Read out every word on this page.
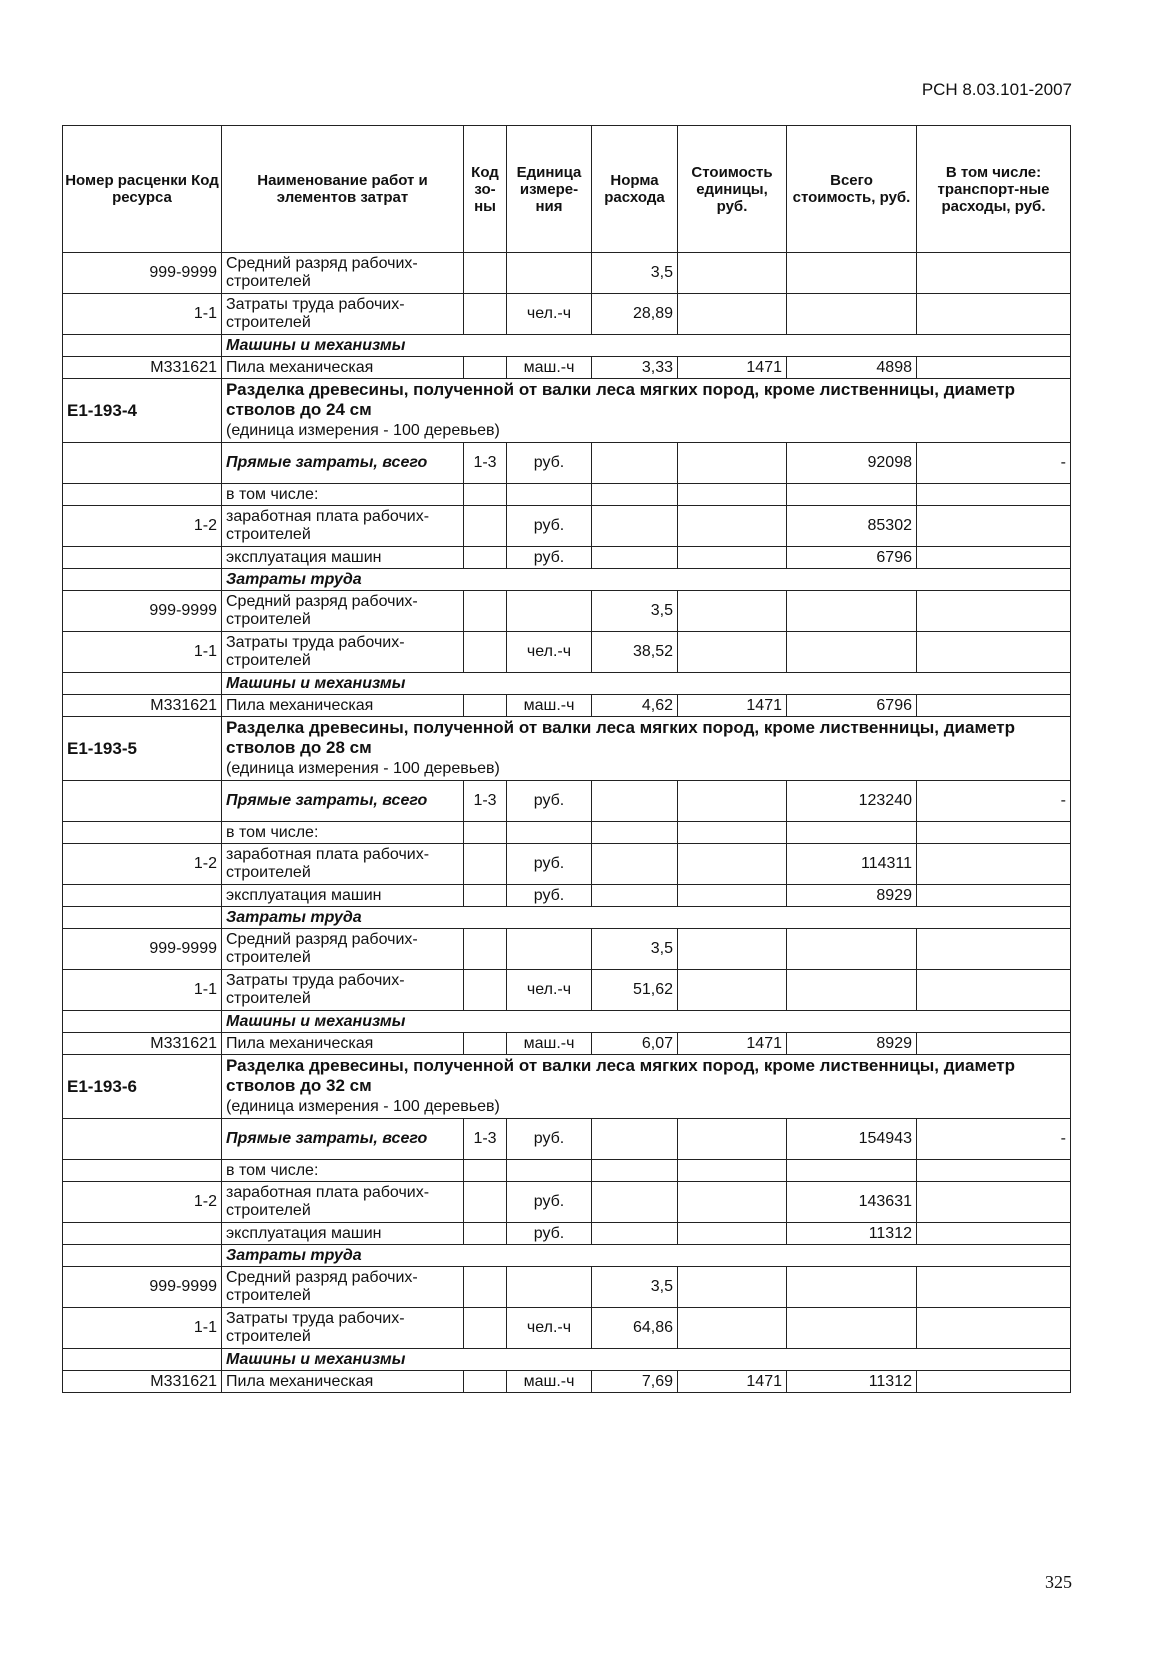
РСН 8.03.101-2007
Номер расценки Код ресурса	Наименование работ и элементов затрат	Код зо-ны	Единица измере-ния	Норма расхода	Стоимость единицы, руб.	Всего стоимость, руб.	В том числе: транспорт-ные расходы, руб.
999-9999	Средний разряд рабочих-строителей			3,5			
1-1	Затраты труда рабочих-строителей		чел.-ч	28,89			
	Машины и механизмы						
М331621	Пила механическая		маш.-ч	3,33	1471	4898	
Е1-193-4	Разделка древесины, полученной от валки леса мягких пород, кроме лиственницы, диаметр стволов до 24 см
(единица измерения - 100 деревьев)						
	Прямые затраты, всего	1-3	руб.			92098	-
	в том числе:						
1-2	заработная плата рабочих-строителей		руб.			85302	
	эксплуатация машин		руб.			6796	
	Затраты труда						
999-9999	Средний разряд рабочих-строителей			3,5			
1-1	Затраты труда рабочих-строителей		чел.-ч	38,52			
	Машины и механизмы						
М331621	Пила механическая		маш.-ч	4,62	1471	6796	
Е1-193-5	Разделка древесины, полученной от валки леса мягких пород, кроме лиственницы, диаметр стволов до 28 см
(единица измерения - 100 деревьев)						
	Прямые затраты, всего	1-3	руб.			123240	-
	в том числе:						
1-2	заработная плата рабочих-строителей		руб.			114311	
	эксплуатация машин		руб.			8929	
	Затраты труда						
999-9999	Средний разряд рабочих-строителей			3,5			
1-1	Затраты труда рабочих-строителей		чел.-ч	51,62			
	Машины и механизмы						
М331621	Пила механическая		маш.-ч	6,07	1471	8929	
Е1-193-6	Разделка древесины, полученной от валки леса мягких пород, кроме лиственницы, диаметр стволов до 32 см
(единица измерения - 100 деревьев)						
	Прямые затраты, всего	1-3	руб.			154943	-
	в том числе:						
1-2	заработная плата рабочих-строителей		руб.			143631	
	эксплуатация машин		руб.			11312	
	Затраты труда						
999-9999	Средний разряд рабочих-строителей			3,5			
1-1	Затраты труда рабочих-строителей		чел.-ч	64,86			
	Машины и механизмы						
М331621	Пила механическая		маш.-ч	7,69	1471	11312	
325
